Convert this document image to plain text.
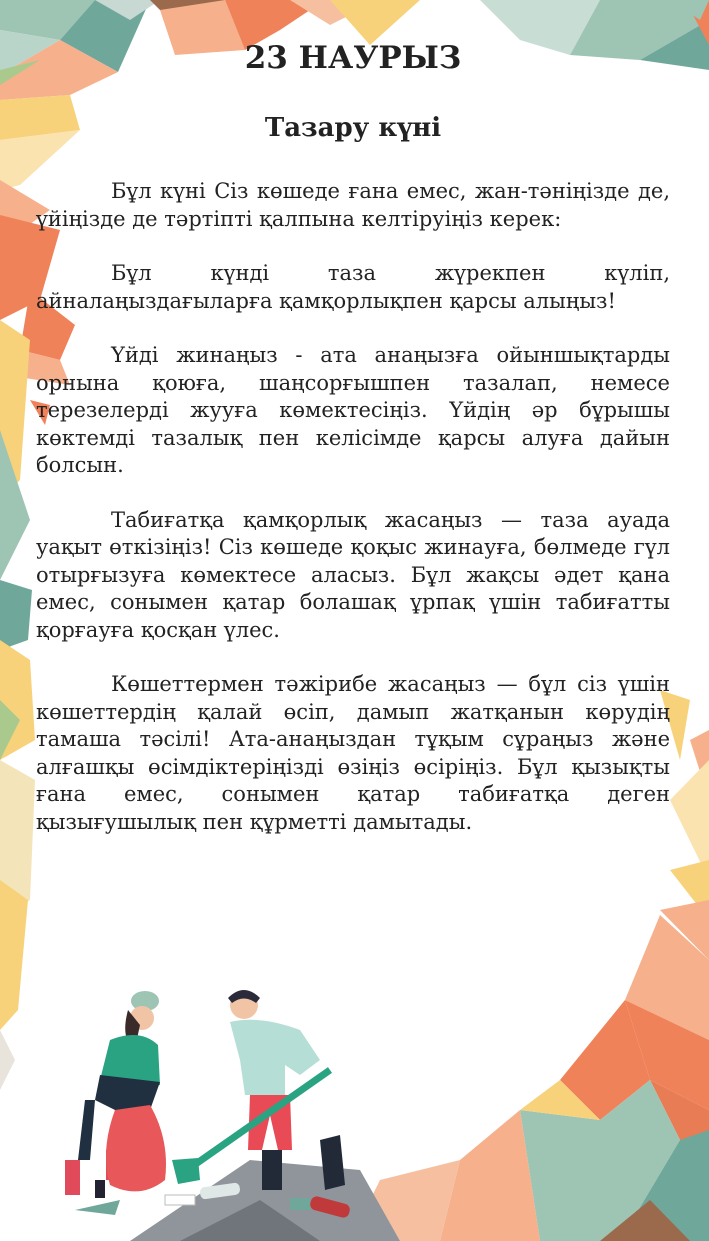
23 НАУРЫЗ
Тазару күні

Бұл күні Сіз көшеде ғана емес, жан-тәніңізде де, үйіңізде де тәртіпті қалпына келтіруіңіз керек:

Бұл күнді таза жүрекпен күліп, айналаңыздағыларға қамқорлықпен қарсы алыңыз!

Үйді жинаңыз - ата анаңызға ойыншықтарды орнына қоюға, шаңсорғышпен тазалап, немесе терезелерді жууға көмектесіңіз. Үйдің әр бұрышы көктемді тазалық пен келісімде қарсы алуға дайын болсын.

Табиғатқа қамқорлық жасаңыз — таза ауада уақыт өткізіңіз! Сіз көшеде қоқыс жинауға, бөлмеде гүл отырғызуға көмектесе аласыз. Бұл жақсы әдет қана емес, сонымен қатар болашақ ұрпақ үшін табиғатты қорғауға қосқан үлес.

Көшеттермен тәжірибе жасаңыз — бұл сіз үшін көшеттердің қалай өсіп, дамып жатқанын көрудің тамаша тәсілі! Ата-анаңыздан тұқым сұраңыз және алғашқы өсімдіктеріңізді өзіңіз өсіріңіз. Бұл қызықты ғана емес, сонымен қатар табиғатқа деген қызығушылық пен құрметті дамытады.
